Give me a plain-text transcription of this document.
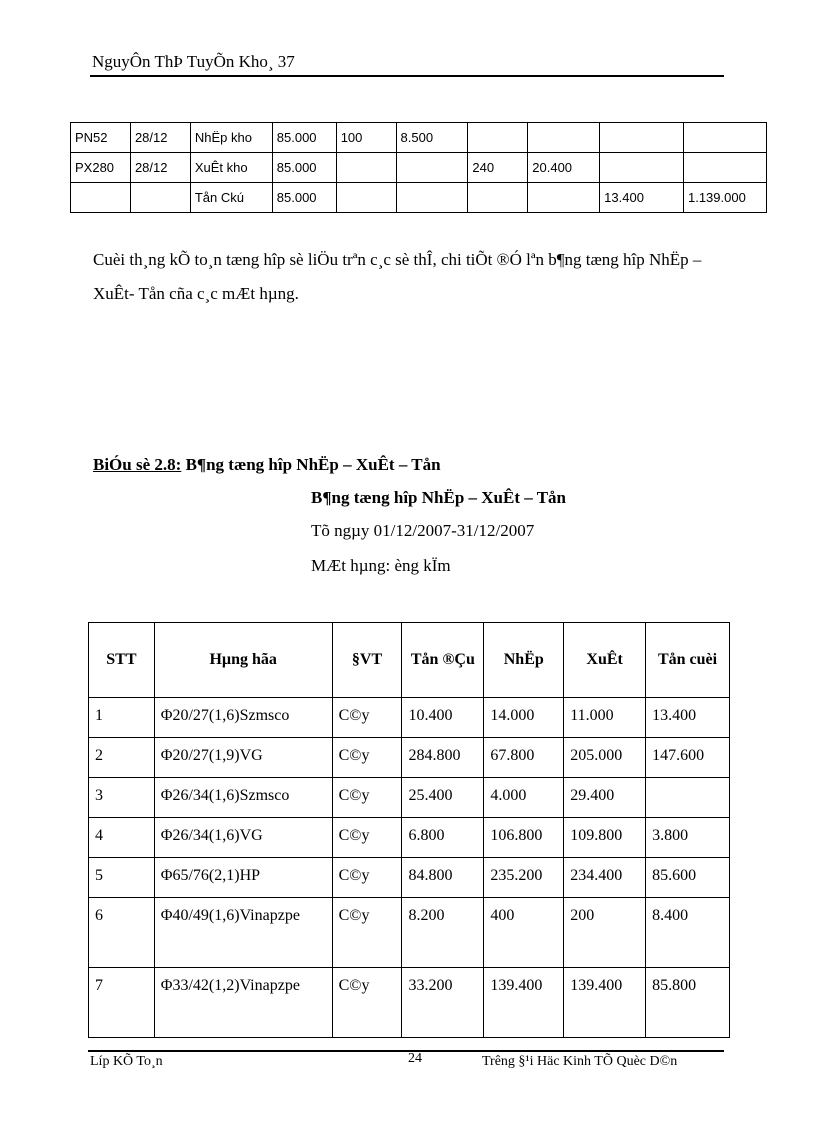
NguyÔn ThÞ TuyÕn Kho¸ 37
PN52	28/12	NhËp kho	85.000	100	8.500				
PX280	28/12	XuÊt kho	85.000			240	20.400		
		Tån Ckú	85.000					13.400	1.139.000
Cuèi th¸ng kÕ to¸n tæng hîp sè liÖu trªn c¸c sè thÎ, chi tiÕt ®Ó lªn b¶ng tæng hîp NhËp – XuÊt- Tån cña c¸c mÆt hµng.
BiÓu sè 2.8: B¶ng tæng hîp NhËp – XuÊt – Tån
B¶ng tæng hîp NhËp – XuÊt – Tån
Tõ ngµy 01/12/2007-31/12/2007
MÆt hµng: èng kÏm
STT	Hµng hãa	§VT	Tån ®Çu	NhËp	XuÊt	Tån cuèi
1	Φ20/27(1,6)Szmsco	C©y	10.400	14.000	11.000	13.400
2	Φ20/27(1,9)VG	C©y	284.800	67.800	205.000	147.600
3	Φ26/34(1,6)Szmsco	C©y	25.400	4.000	29.400	
4	Φ26/34(1,6)VG	C©y	6.800	106.800	109.800	3.800
5	Φ65/76(2,1)HP	C©y	84.800	235.200	234.400	85.600
6	Φ40/49(1,6)Vinapzpe	C©y	8.200	400	200	8.400
7	Φ33/42(1,2)Vinapzpe	C©y	33.200	139.400	139.400	85.800
Líp KÕ To¸n	24	Trêng §¹i Häc Kinh TÕ Quèc D©n
